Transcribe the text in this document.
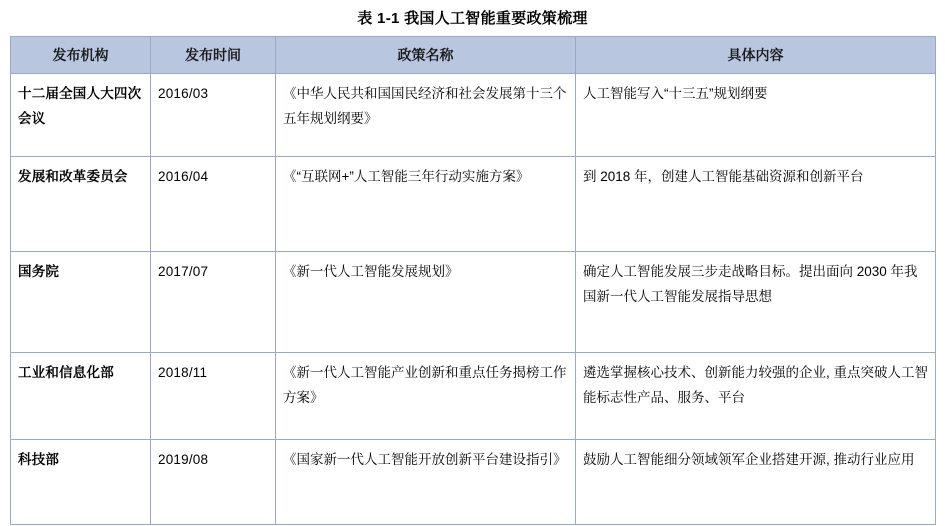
表 1-1 我国人工智能重要政策梳理
发布机构	发布时间	政策名称	具体内容
十二届全国人大四次会议	2016/03	《中华人民共和国国民经济和社会发展第十三个五年规划纲要》	人工智能写入“十三五”规划纲要
发展和改革委员会	2016/04	《“互联网+”人工智能三年行动实施方案》	到 2018 年，创建人工智能基础资源和创新平台
国务院	2017/07	《新一代人工智能发展规划》	确定人工智能发展三步走战略目标。提出面向 2030 年我国新一代人工智能发展指导思想
工业和信息化部	2018/11	《新一代人工智能产业创新和重点任务揭榜工作方案》	遴选掌握核心技术、创新能力较强的企业, 重点突破人工智能标志性产品、服务、平台
科技部	2019/08	《国家新一代人工智能开放创新平台建设指引》	鼓励人工智能细分领域领军企业搭建开源, 推动行业应用
